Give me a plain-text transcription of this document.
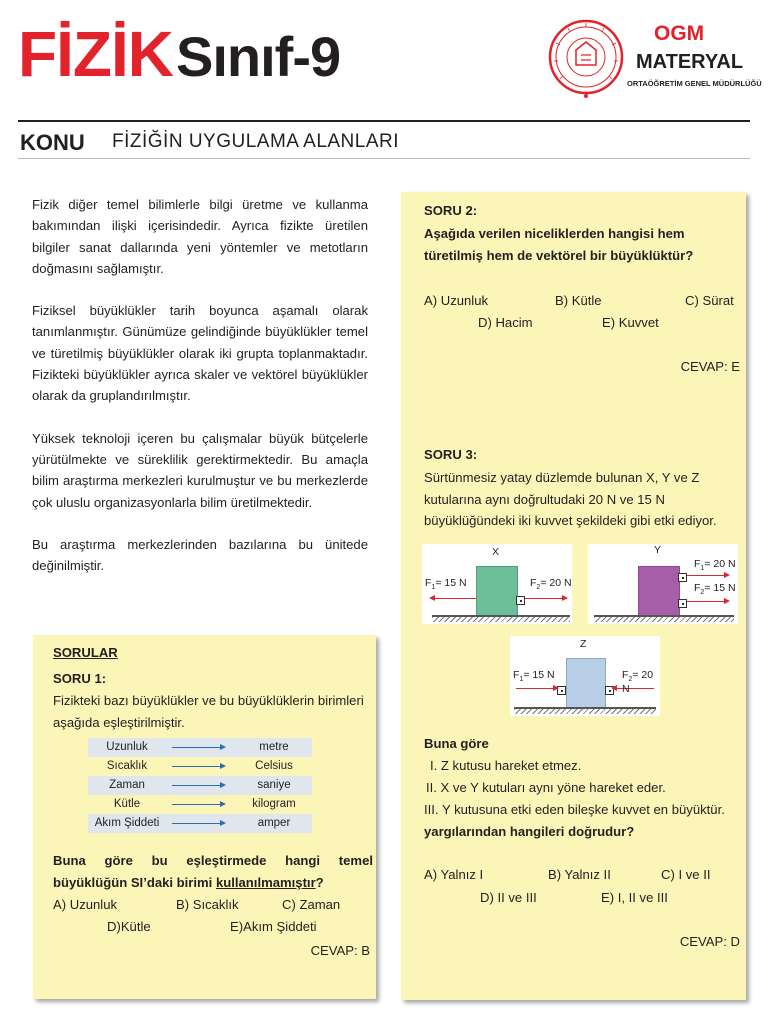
FİZİK Sınıf-9	OGM
MATERYAL
ORTAÖĞRETİM GENEL MÜDÜRLÜĞÜ
KONU FİZİĞİN UYGULAMA ALANLARI

Fizik diğer temel bilimlerle bilgi üretme ve kullanma bakımından ilişki içerisindedir. Ayrıca fizikte üretilen bilgiler sanat dallarında yeni yöntemler ve metotların doğmasını sağlamıştır.

Fiziksel büyüklükler tarih boyunca aşamalı olarak tanımlanmıştır. Günümüze gelindiğinde büyüklükler temel ve türetilmiş büyüklükler olarak iki grupta toplanmaktadır. Fizikteki büyüklükler ayrıca skaler ve vektörel büyüklükler olarak da gruplandırılmıştır.

Yüksek teknoloji içeren bu çalışmalar büyük bütçelerle yürütülmekte ve süreklilik gerektirmektedir. Bu amaçla bilim araştırma merkezleri kurulmuştur ve bu merkezlerde çok uluslu organizasyonlarla bilim üretilmektedir.

Bu araştırma merkezlerinden bazılarına bu ünitede değinilmiştir.

SORULAR
SORU 1:
Fizikteki bazı büyüklükler ve bu büyüklüklerin birimleri aşağıda eşleştirilmiştir.
Uzunluk	metre
Sıcaklık	Celsius
Zaman	saniye
Kütle	kilogram
Akım Şiddeti	amper
Buna göre bu eşleştirmede hangi temel büyüklüğün SI’daki birimi kullanılmamıştır?
A) Uzunluk	B) Sıcaklık	C) Zaman
D)Kütle	E)Akım Şiddeti
CEVAP: B
SORU 2:
Aşağıda verilen niceliklerden hangisi hem türetilmiş hem de vektörel bir büyüklüktür?
A) Uzunluk	B) Kütle	C) Sürat
D) Hacim	E) Kuvvet
CEVAP: E
SORU 3:
Sürtünmesiz yatay düzlemde bulunan X, Y ve Z kutularına aynı doğrultudaki 20 N ve 15 N büyüklüğündeki iki kuvvet şekildeki gibi etki ediyor.
X
$F_1= 15$ N	$F_2= 20$ N
Y
$F_1= 20$ N
$F_2= 15$ N
Z
$F_1= 15$ N	$F_2= 20$ N
Buna göre
I. Z kutusu hareket etmez.
II. X ve Y kutuları aynı yöne hareket eder.
III. Y kutusuna etki eden bileşke kuvvet en büyüktür.
yargılarından hangileri doğrudur?
A) Yalnız I	B) Yalnız II	C) I ve II
D) II ve III	E) I, II ve III
CEVAP: D
